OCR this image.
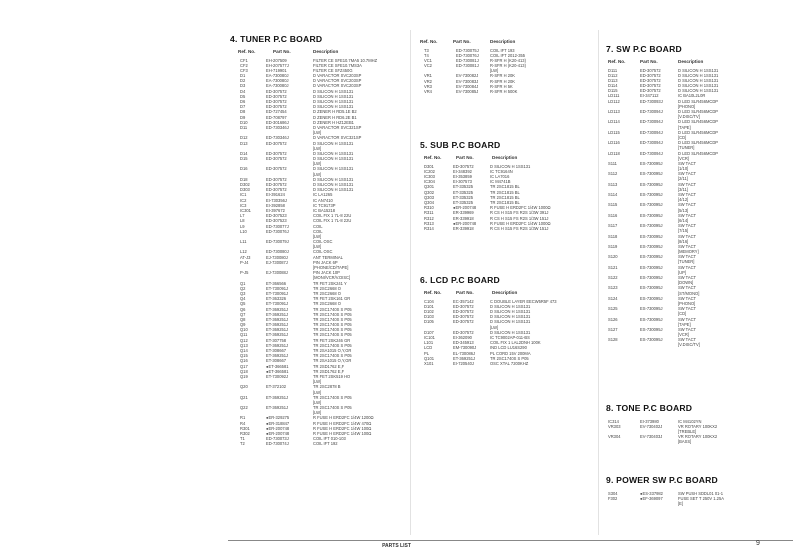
4. TUNER P.C BOARD
Ref. No.	Part No.	Description
CF1	EH-207509	FILTER CE SFE10.7MA5 10.7MHZ
CF2	EH-207577J	FILTER CE SFE10.7MS3A
CF3	EH-719901	FILTER CE SFZ450G
D1	EA-730080J	D VARACTOR SVC203SP
D2	EA-730080J	D VARACTOR SVC203SP
D3	EA-730080J	D VARACTOR SVC203SP
D4	ED-307572	D SILICON H 1SS131
D5	ED-307572	D SILICON H 1SS131
D6	ED-307572	D SILICON H 1SS131
D7	ED-307572	D SILICON H 1SS131
D8	ED-727454	D ZENER H RD5.1E B2
D9	ED-708797	D ZENER H RD6.2E B1
D10	ED-301686J	D ZENER H HZ12EB1
D11	ED-730346J	D VARACTOR SVC321SP
[LW]
D12	ED-730346J	D VARACTOR SVC321SP
D13	ED-307572	D SILICON H 1SS131
[LW]
D14	ED-307572	D SILICON H 1SS131
D15	ED-307572	D SILICON H 1SS131
[LW]
D16	ED-307572	D SILICON H 1SS131
[LW]
D18	ED-307572	D SILICON H 1SS131
D302	ED-307572	D SILICON H 1SS131
D303	ED-307572	D SILICON H 1SS131
IC1	EI-391624	IC LA1265
IC2	EI-730356J	IC AN7410
IC3	EI-392858	IC TC9173P
IC301	EI-397672	IC BA15218
L7	ED-307523	COIL FIX 1 7L-8 22U
L8	ED-307523	COIL FIX 1 7L-8 22U
L9	ED-730077J	COIL
L10	ED-730076J	COIL
[LW]
L11	ED-730079J	COIL OSC
[LW]
L12	ED-730080J	COIL OSC
AT-J3	EJ-730080J	ANT TERMINAL
P-J4	EJ-730087J	PIN JACK 6P
[PHONE/CD/TAPE]
P-J5	EJ-730088J	PIN JACK 10P
[MONI/VCR/V.DISC]
Q1	ET-366566	TR FET 2SK241 Y
Q2	ET-730091J	TR 2SC2668 O
Q3	ET-730091J	TR 2SC2668 O
Q4	ET-363326	TR FET 2SK161 GR
Q5	ET-730091J	TR 2SC2668 O
Q6	ET-369251J	TR 2SC1740S S P05
Q7	ET-369251J	TR 2SC1740S S P05
Q8	ET-369251J	TR 2SC1740S S P05
Q9	ET-369251J	TR 2SC1740S S P05
Q10	ET-369251J	TR 2SC1740S S P05
Q11	ET-369251J	TR 2SC1740S S P05
Q12	ET-307758	TR FET 2SK246 GR
Q13	ET-369251J	TR 2SC1740S S P05
Q14	ET-308667	TR 2SA1015 O,Y,GR
Q15	ET-369251J	TR 2SC1740S S P05
Q16	ET-308667	TR 2SA1015 O,Y,GR
Q17	●ET-366581	TR 2SD1762 E,F
Q18	●ET-366581	TR 2SD1762 E,F
Q19	ET-730092J	TR FET 2SK519 HO
[LW]
Q20	ET-372102	TR 2SC2878 B
[LW]
Q21	ET-369251J	TR 2SC1740S S P05
[LW]
Q22	ET-369251J	TR 2SC1740S S P05
[LW]
R1	●ER-329275	R FUSE H ERD2FC 1/4W 1200Ω
R4	●ER-318847	R FUSE H ERD2FC 1/4W 470Ω
R301	●ER-200748	R FUSE H ERD2FC 1/4W 100Ω
R302	●ER-200748	R FUSE H ERD2FC 1/4W 100Ω
T1	ED-730073J	COIL IFT 010-103
T2	ED-730074J	COIL IFT 192
Ref. No.	Part No.	Description
T3	ED-730075J	COIL IFT 193
T4	ED-730076J	COIL IFT 2012-355
VC1	ED-730081J	R-SFR H (K20-413)
VC2	ED-730081J	R-SFR H (K20-413)
[LW]
VR1	EV-730082J	R-SFR H 20K
VR2	EV-730083J	R-SFR H 20K
VR3	EV-730084J	R-SFR H 5K
VR4	EV-730085J	R-SFR H 500K
5. SUB P.C BOARD
Ref. No.	Part No.	Description
D301	ED-307572	D SILICON H 1SS131
IC202	EI-348392	IC TC9164N
IC303	EI-353859	IC LA7016
IC304	EI-307573	IC M4741B
Q301	ET-335325	TR 2SC1815 BL
Q302	ET-335325	TR 2SC1815 BL
Q303	ET-335325	TR 2SC1815 BL
Q304	ET-335325	TR 2SC1815 BL
R310	●ER-200748	R FUSE H ERD2FC 1/4W 1000Ω
R311	ER-339969	R CS H S15 FS R2S 1/3W 391J
R312	ER-339918	R CS H S15 FS R2S 1/3W 151J
R313	●ER-200748	R FUSE H ERD2FC 1/4W 1000Ω
R314	ER-339918	R CS H S15 FS R2S 1/3W 151J
6. LCD P.C BOARD
Ref. No.	Part No.	Description
C104	EC-357142	C DOUBLE LAYER EECW5R5F 473
D101	ED-307572	D SILICON H 1SS131
D102	ED-307572	D SILICON H 1SS131
D103	ED-307572	D SILICON H 1SS131
D105	ED-307572	D SILICON H 1SS131
[LW]
D107	ED-307572	D SILICON H 1SS131
IC101	EI-362090	IC TC9002AP-011-BS
L101	ED-345913	COIL FIX 1 LAL2DNH 100K
LCD	EM-730090J	IND LCD LU16S290
PL	EL-730086J	PL CORD 15V 200MA
Q101	ET-369251J	TR 2SC1740S S P05
X101	EI-720540J	OSC XTAL 7200KHZ
7. SW P.C BOARD
Ref. No.	Part No.	Description
D111	ED-307572	D SILICON H 1SS131
D112	ED-307572	D SILICON H 1SS131
D113	ED-307572	D SILICON H 1SS131
D114	ED-307572	D SILICON H 1SS131
D115	ED-307572	D SILICON H 1SS131
LD111	EI-347112	IC BA10L2L0R
LD112	ED-730093J	D LED SLR456MCDP
[PHONO]
LD113	ED-730094J	D LED SLR456MCDP
[V.DISC/TV]
LD114	ED-730094J	D LED SLR456MCDP
[TAPE]
LD115	ED-730094J	D LED SLR456MCDP
[CD]
LD116	ED-730094J	D LED SLR456MCDP
[TUNER]
LD118	ED-730094J	D LED SLR456MCDP
[VCR]
S111	ES-730095J	SW TACT
[1/10]
S112	ES-730095J	SW TACT
[2/11]
S113	ES-730095J	SW TACT
[3/11]
S114	ES-730095J	SW TACT
[4/12]
S115	ES-730095J	SW TACT
[5/13]
S116	ES-730095J	SW TACT
[6/14]
S117	ES-730095J	SW TACT
[7/15]
S118	ES-730095J	SW TACT
[8/16]
S119	ES-730095J	SW TACT
[MEMORY]
S120	ES-730095J	SW TACT
[TUNER]
S121	ES-730095J	SW TACT
[UP]
S122	ES-730095J	SW TACT
[DOWN]
S123	ES-730095J	SW TACT
[ST/MONO]
S124	ES-730095J	SW TACT
[PHONO]
S125	ES-730095J	SW TACT
[CD]
S126	ES-730095J	SW TACT
[TAPE]
S127	ES-730095J	SW TACT
[VCR]
S128	ES-730095J	SW TACT
[V.DISC/TV]
8. TONE P.C BOARD
IC314	EI-373980	IC M4102YN
VR303	EV-730402J	VR ROTARY 100KX2
[TREBLE]
VR304	EV-730403J	VR ROTARY 100KX2
[BASS]
9. POWER SW P.C BOARD
S304	●ES-337982	SW PUSH SDDL01 01-1
F302	●EF-369097	FUSE SET T 250V 1.25A
[E]
PARTS LIST	9
